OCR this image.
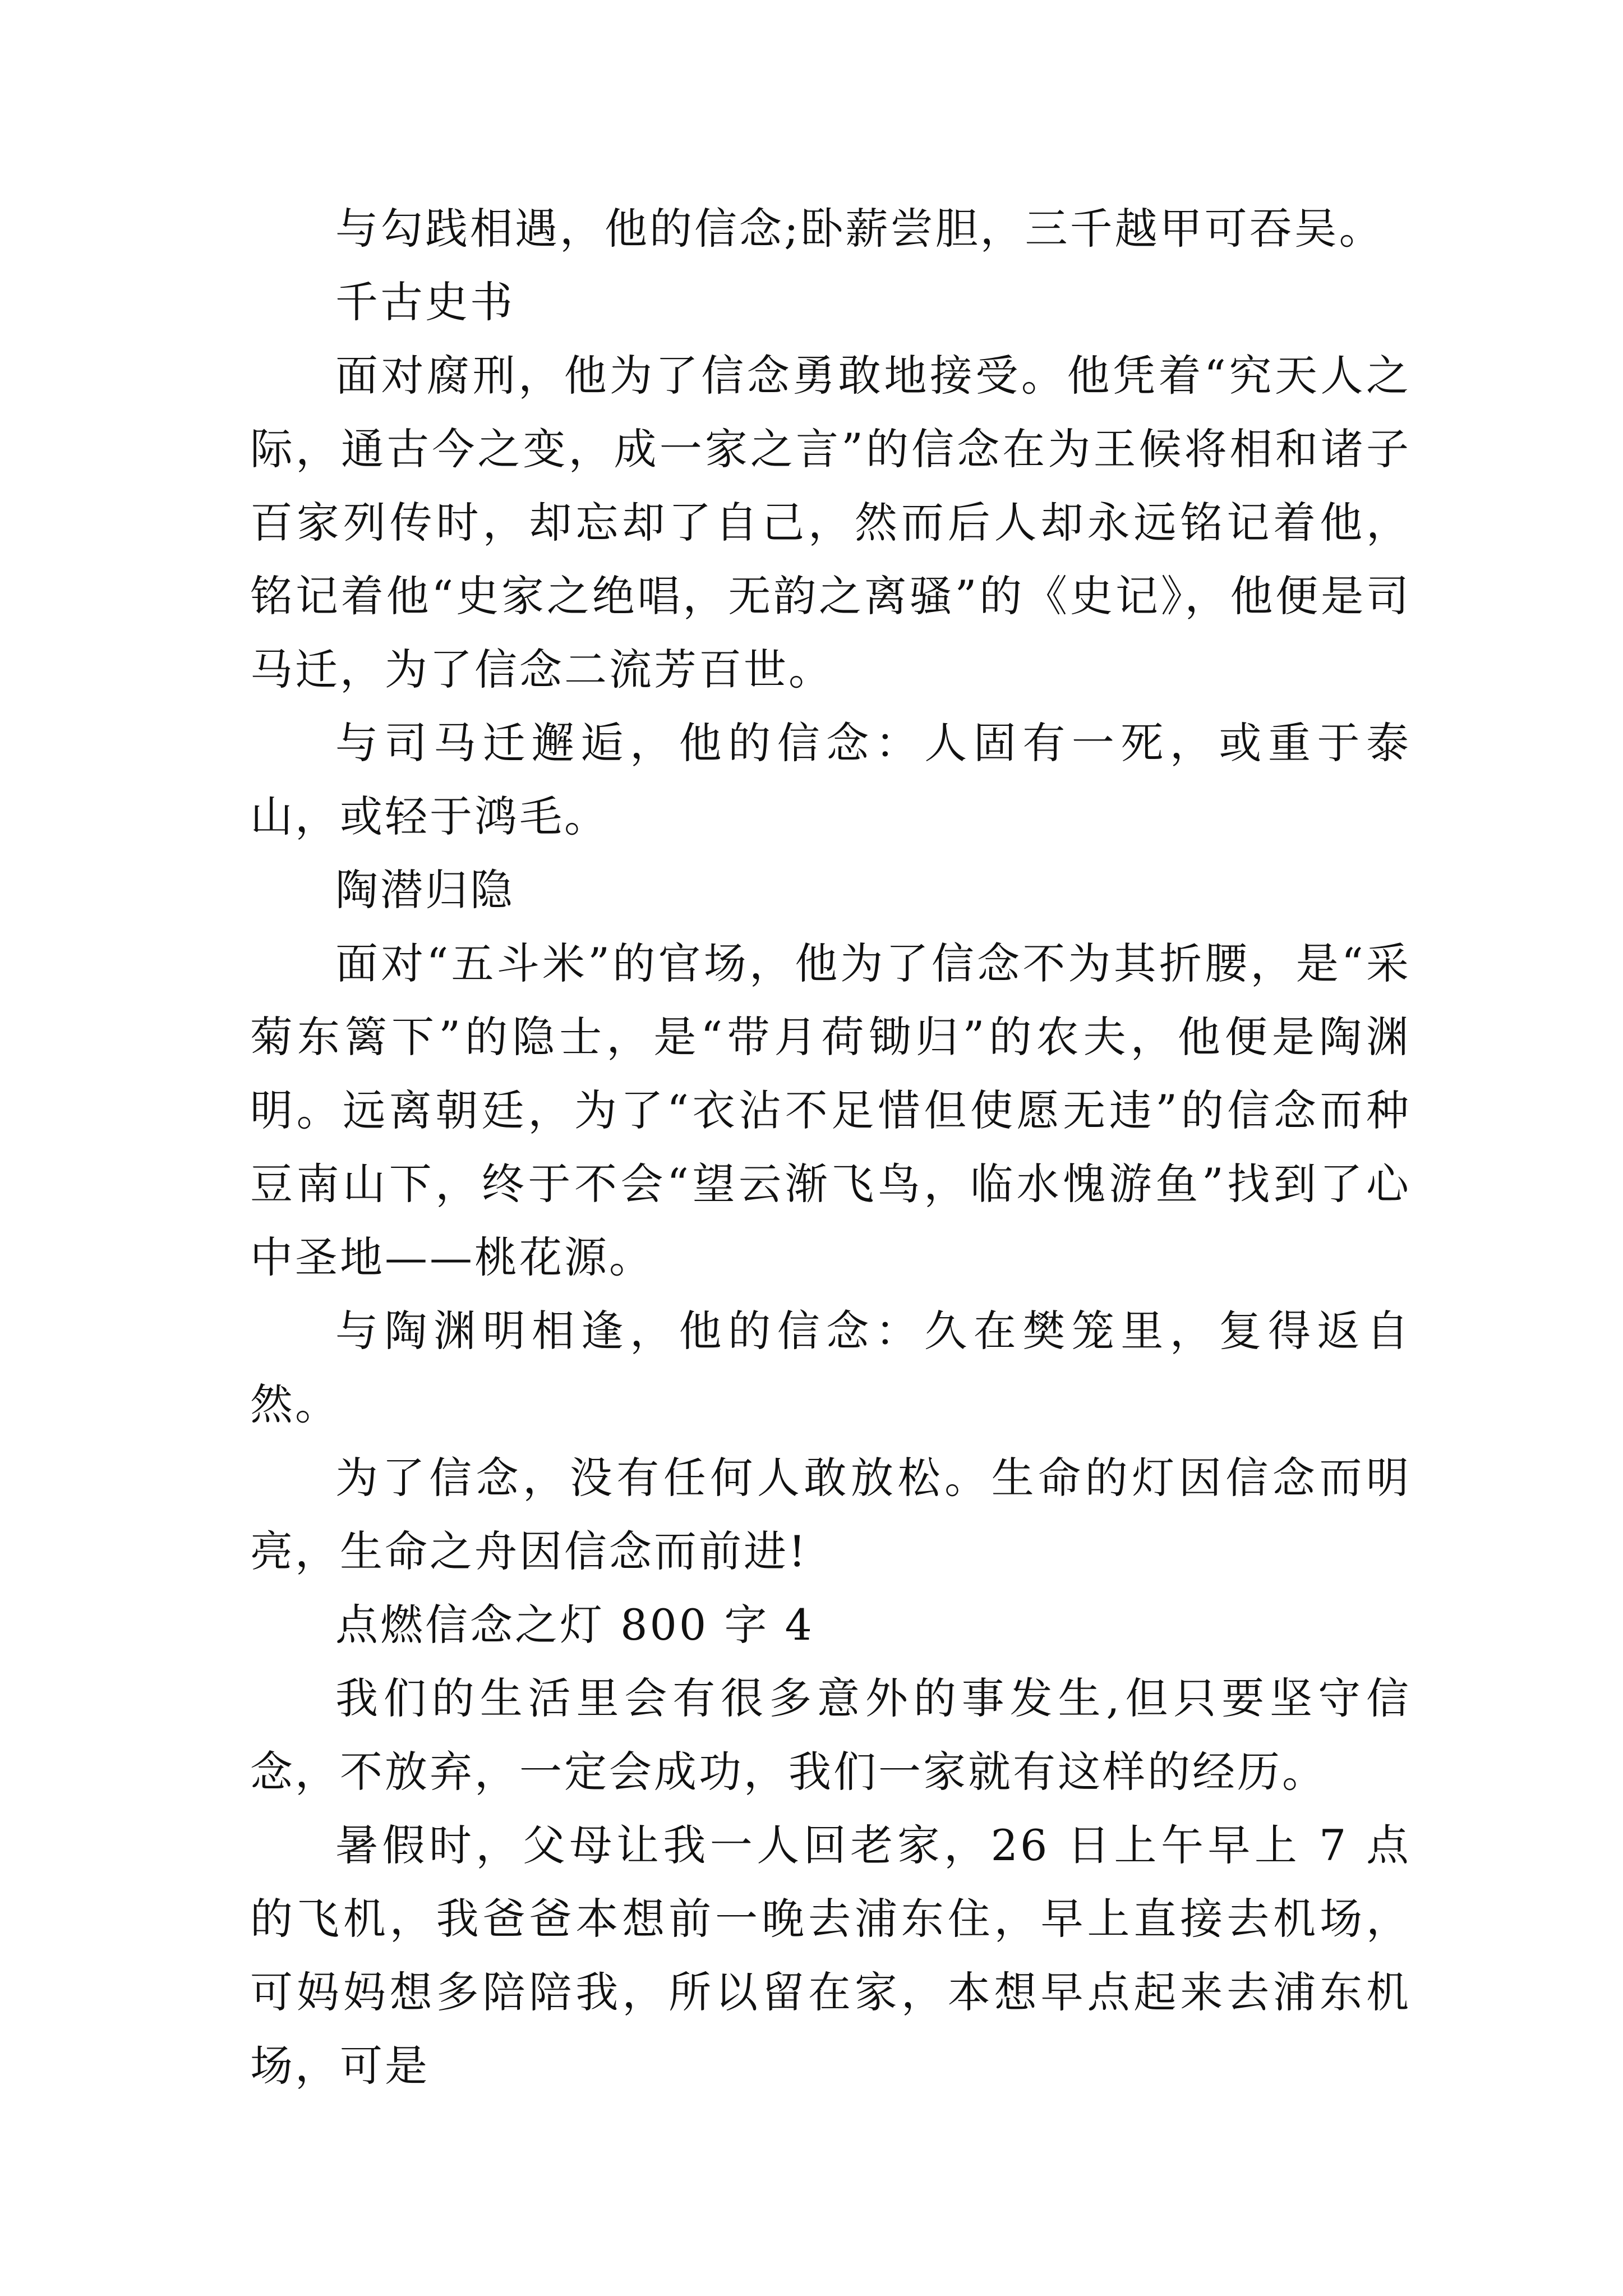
与勾践相遇，他的信念;卧薪尝胆，三千越甲可吞吴。

千古史书

面对腐刑，他为了信念勇敢地接受。他凭着“究天人之际，通古今之变，成一家之言”的信念在为王候将相和诸子百家列传时，却忘却了自己，然而后人却永远铭记着他，铭记着他“史家之绝唱，无韵之离骚”的《史记》，他便是司马迁，为了信念二流芳百世。

与司马迁邂逅，他的信念：人固有一死，或重于泰山，或轻于鸿毛。

陶潜归隐

面对“五斗米”的官场，他为了信念不为其折腰，是“采菊东篱下”的隐士，是“带月荷锄归”的农夫，他便是陶渊明。远离朝廷，为了“衣沾不足惜但使愿无违”的信念而种豆南山下，终于不会“望云渐飞鸟，临水愧游鱼”找到了心中圣地——桃花源。

与陶渊明相逢，他的信念：久在樊笼里，复得返自然。

为了信念，没有任何人敢放松。生命的灯因信念而明亮，生命之舟因信念而前进!

点燃信念之灯 800 字 4

我们的生活里会有很多意外的事发生,但只要坚守信念，不放弃，一定会成功，我们一家就有这样的经历。

暑假时，父母让我一人回老家，26 日上午早上 7 点的飞机，我爸爸本想前一晚去浦东住，早上直接去机场，可妈妈想多陪陪我，所以留在家，本想早点起来去浦东机场，可是
